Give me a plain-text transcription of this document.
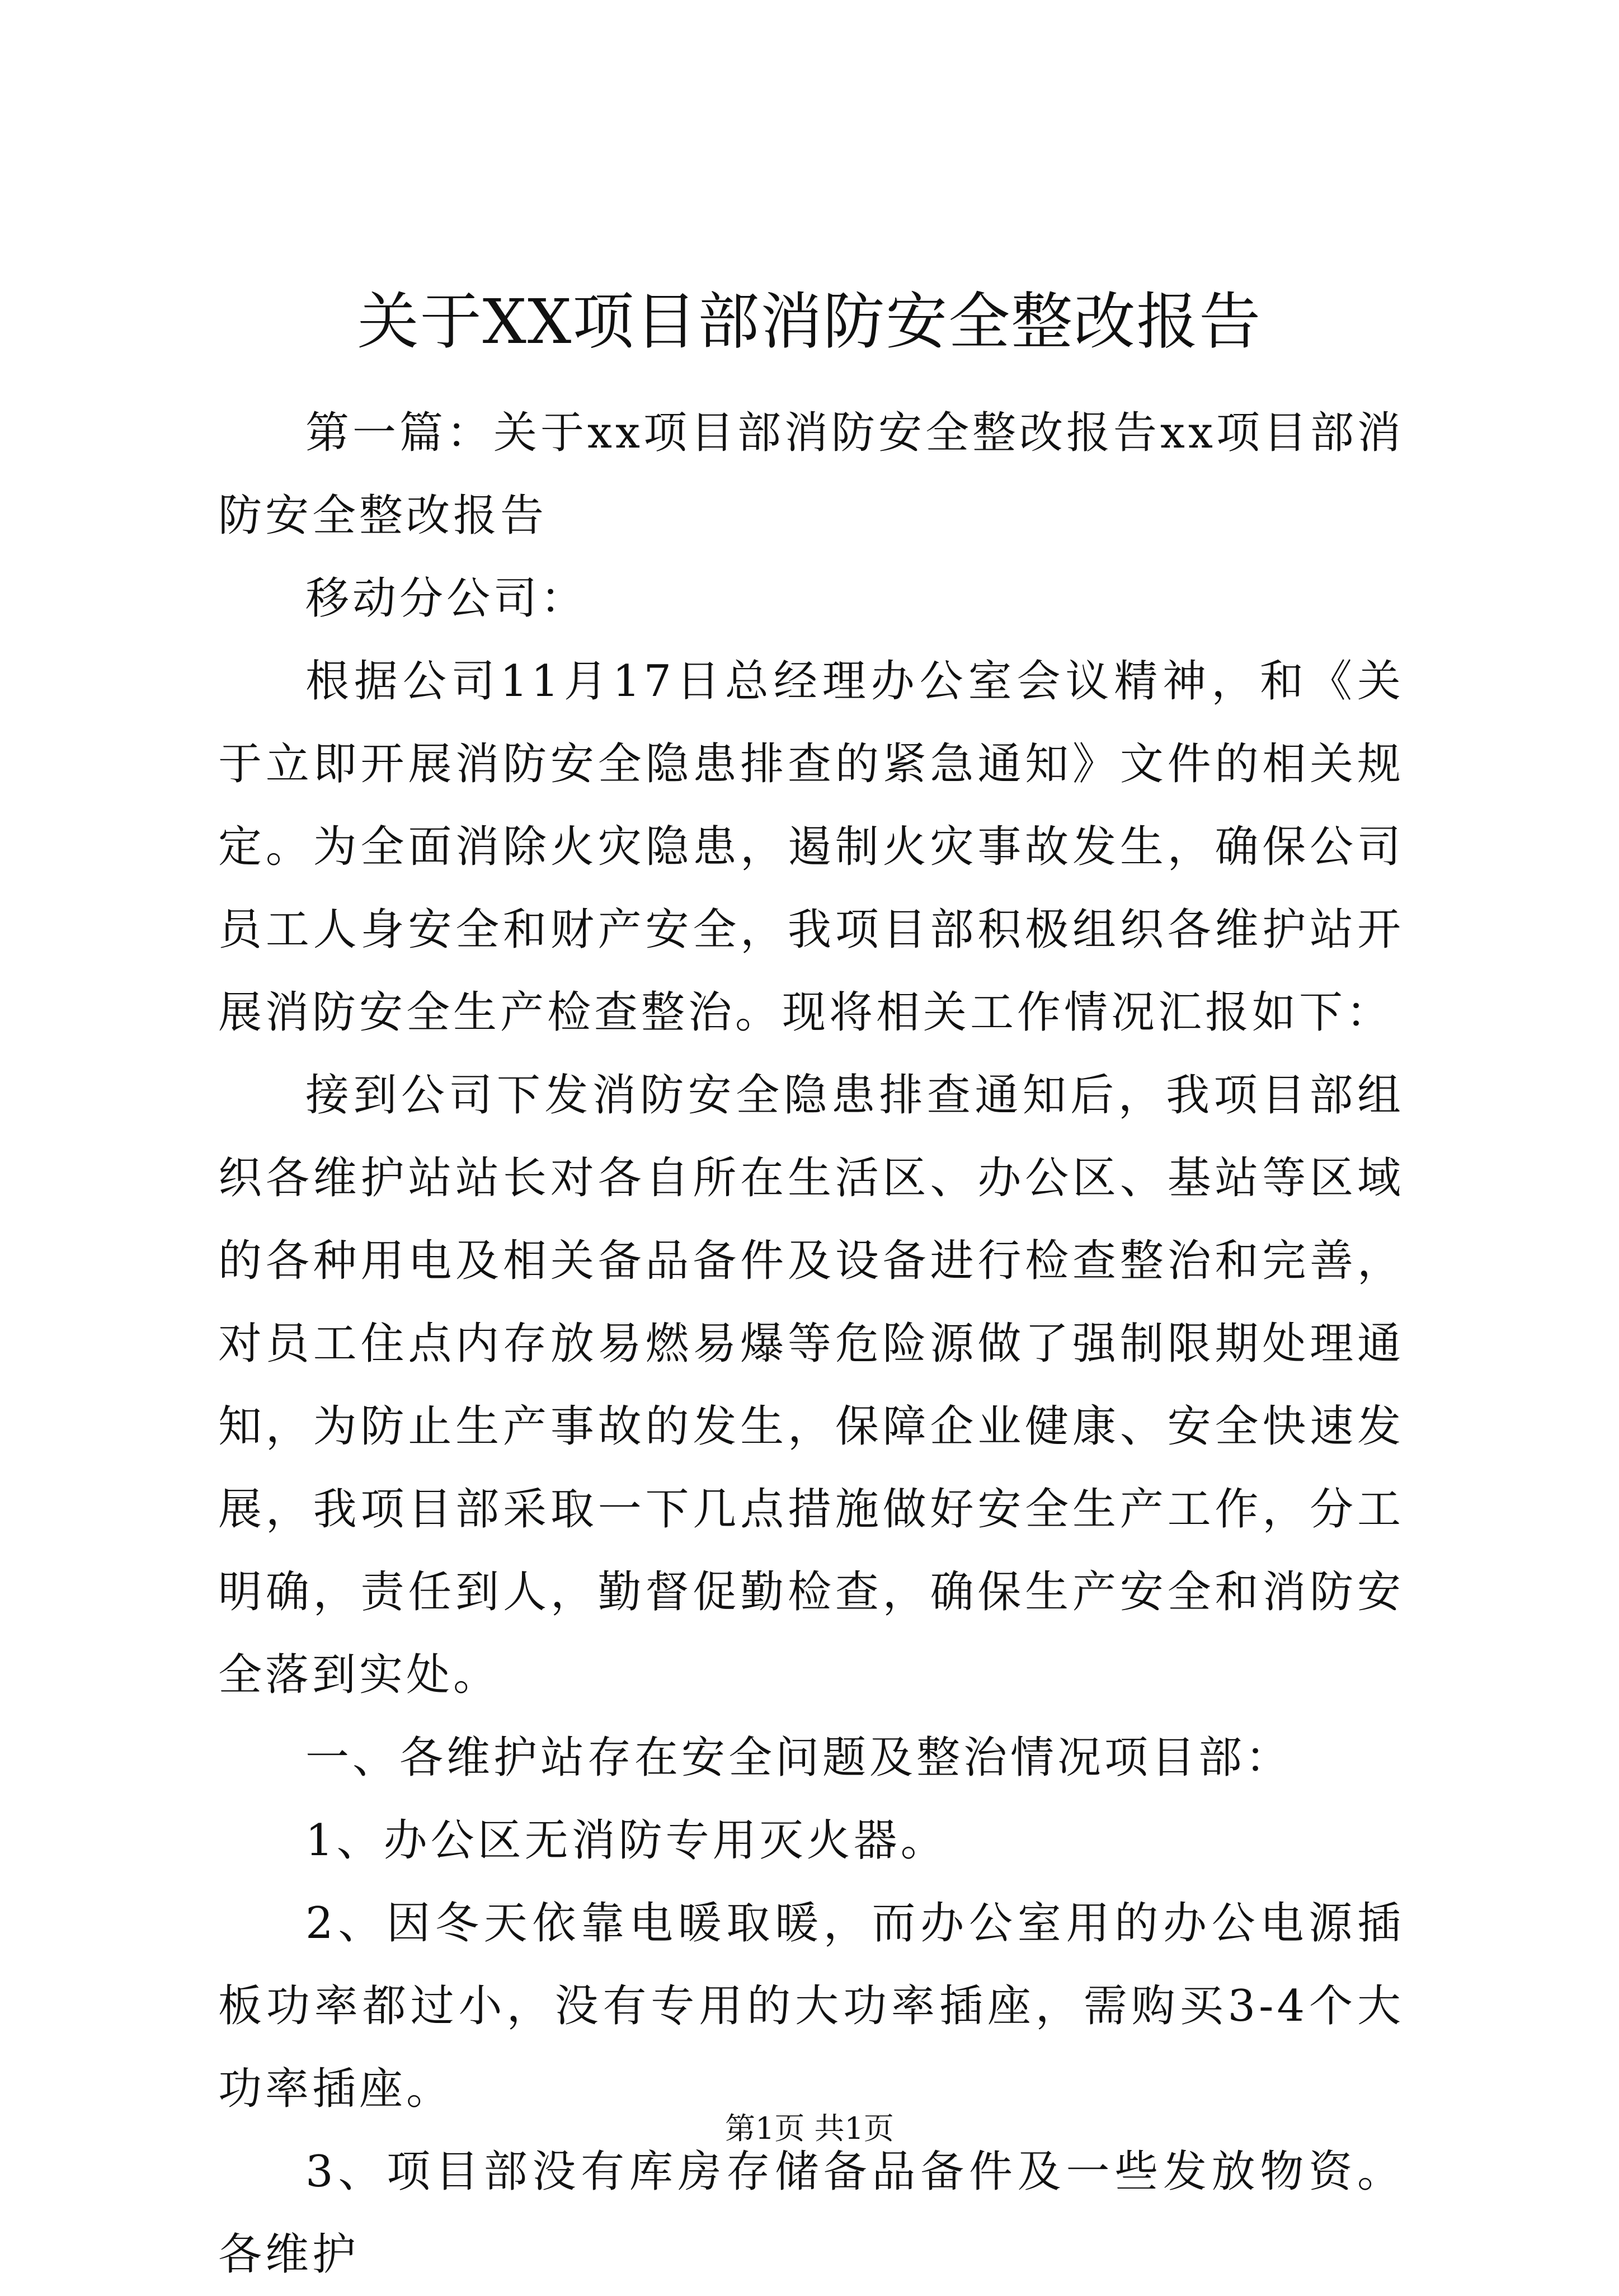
关于XX项目部消防安全整改报告

第一篇：关于xx项目部消防安全整改报告xx项目部消防安全整改报告

移动分公司：

根据公司11月17日总经理办公室会议精神，和《关于立即开展消防安全隐患排查的紧急通知》文件的相关规定。为全面消除火灾隐患，遏制火灾事故发生，确保公司员工人身安全和财产安全，我项目部积极组织各维护站开展消防安全生产检查整治。现将相关工作情况汇报如下：

接到公司下发消防安全隐患排查通知后，我项目部组织各维护站站长对各自所在生活区、办公区、基站等区域的各种用电及相关备品备件及设备进行检查整治和完善，对员工住点内存放易燃易爆等危险源做了强制限期处理通知，为防止生产事故的发生，保障企业健康、安全快速发展，我项目部采取一下几点措施做好安全生产工作，分工明确，责任到人，勤督促勤检查，确保生产安全和消防安全落到实处。

一、各维护站存在安全问题及整治情况项目部：

1、办公区无消防专用灭火器。

2、因冬天依靠电暖取暖，而办公室用的办公电源插板功率都过小，没有专用的大功率插座，需购买3-4个大功率插座。

3、项目部没有库房存储备品备件及一些发放物资。各维护

第1页 共1页
